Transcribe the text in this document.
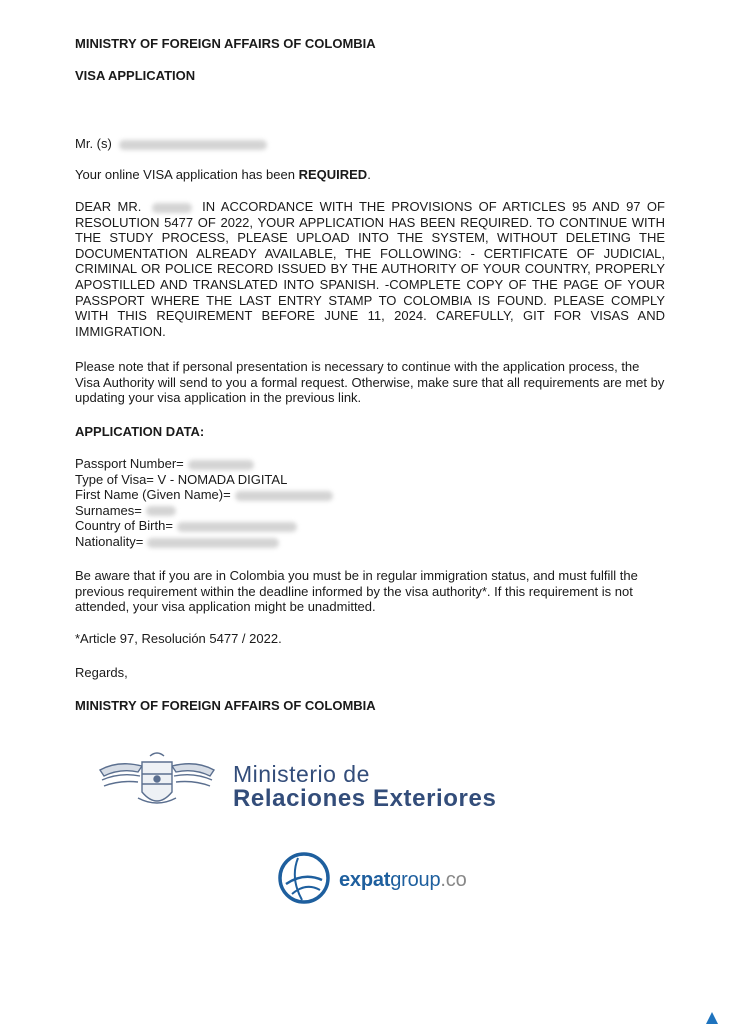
MINISTRY OF FOREIGN AFFAIRS OF COLOMBIA
VISA APPLICATION
Mr. (s)
Your online VISA application has been REQUIRED.
DEAR MR.	IN ACCORDANCE WITH THE PROVISIONS OF ARTICLES 95 AND 97 OF RESOLUTION 5477 OF 2022, YOUR APPLICATION HAS BEEN REQUIRED. TO CONTINUE WITH THE STUDY PROCESS, PLEASE UPLOAD INTO THE SYSTEM, WITHOUT DELETING THE DOCUMENTATION ALREADY AVAILABLE, THE FOLLOWING: - CERTIFICATE OF JUDICIAL, CRIMINAL OR POLICE RECORD ISSUED BY THE AUTHORITY OF YOUR COUNTRY, PROPERLY APOSTILLED AND TRANSLATED INTO SPANISH. -COMPLETE COPY OF THE PAGE OF YOUR PASSPORT WHERE THE LAST ENTRY STAMP TO COLOMBIA IS FOUND. PLEASE COMPLY WITH THIS REQUIREMENT BEFORE JUNE 11, 2024. CAREFULLY, GIT FOR VISAS AND IMMIGRATION.
Please note that if personal presentation is necessary to continue with the application process, the Visa Authority will send to you a formal request. Otherwise, make sure that all requirements are met by updating your visa application in the previous link.
APPLICATION DATA:
Passport Number=
Type of Visa= V - NOMADA DIGITAL
First Name (Given Name)=
Surnames=
Country of Birth=
Nationality=
Be aware that if you are in Colombia you must be in regular immigration status, and must fulfill the previous requirement within the deadline informed by the visa authority*. If this requirement is not attended, your visa application might be unadmitted.
*Article 97, Resolución 5477 / 2022.
Regards,
MINISTRY OF FOREIGN AFFAIRS OF COLOMBIA
Ministerio de
Relaciones Exteriores
expatgroup.co
